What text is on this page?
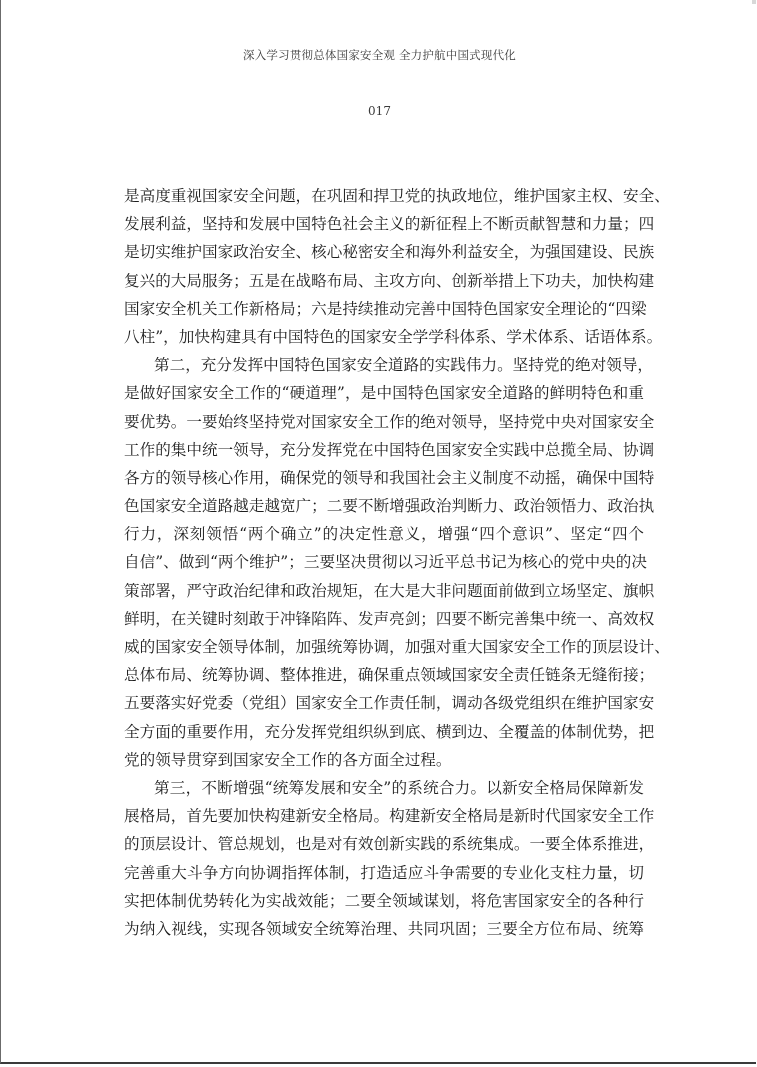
深入学习贯彻总体国家安全观 全力护航中国式现代化
017
是高度重视国家安全问题，在巩固和捍卫党的执政地位，维护国家主权、安全、
发展利益，坚持和发展中国特色社会主义的新征程上不断贡献智慧和力量；四
是切实维护国家政治安全、核心秘密安全和海外利益安全，为强国建设、民族
复兴的大局服务；五是在战略布局、主攻方向、创新举措上下功夫，加快构建
国家安全机关工作新格局；六是持续推动完善中国特色国家安全理论的“四梁
八柱”，加快构建具有中国特色的国家安全学学科体系、学术体系、话语体系。
第二，充分发挥中国特色国家安全道路的实践伟力。坚持党的绝对领导，
是做好国家安全工作的“硬道理”，是中国特色国家安全道路的鲜明特色和重
要优势。一要始终坚持党对国家安全工作的绝对领导，坚持党中央对国家安全
工作的集中统一领导，充分发挥党在中国特色国家安全实践中总揽全局、协调
各方的领导核心作用，确保党的领导和我国社会主义制度不动摇，确保中国特
色国家安全道路越走越宽广；二要不断增强政治判断力、政治领悟力、政治执
行力，深刻领悟“两个确立”的决定性意义，增强“四个意识”、坚定“四个
自信”、做到“两个维护”；三要坚决贯彻以习近平总书记为核心的党中央的决
策部署，严守政治纪律和政治规矩，在大是大非问题面前做到立场坚定、旗帜
鲜明，在关键时刻敢于冲锋陷阵、发声亮剑；四要不断完善集中统一、高效权
威的国家安全领导体制，加强统筹协调，加强对重大国家安全工作的顶层设计、
总体布局、统筹协调、整体推进，确保重点领域国家安全责任链条无缝衔接；
五要落实好党委（党组）国家安全工作责任制，调动各级党组织在维护国家安
全方面的重要作用，充分发挥党组织纵到底、横到边、全覆盖的体制优势，把
党的领导贯穿到国家安全工作的各方面全过程。
第三，不断增强“统筹发展和安全”的系统合力。以新安全格局保障新发
展格局，首先要加快构建新安全格局。构建新安全格局是新时代国家安全工作
的顶层设计、管总规划，也是对有效创新实践的系统集成。一要全体系推进，
完善重大斗争方向协调指挥体制，打造适应斗争需要的专业化支柱力量，切
实把体制优势转化为实战效能；二要全领域谋划，将危害国家安全的各种行
为纳入视线，实现各领域安全统筹治理、共同巩固；三要全方位布局、统筹
